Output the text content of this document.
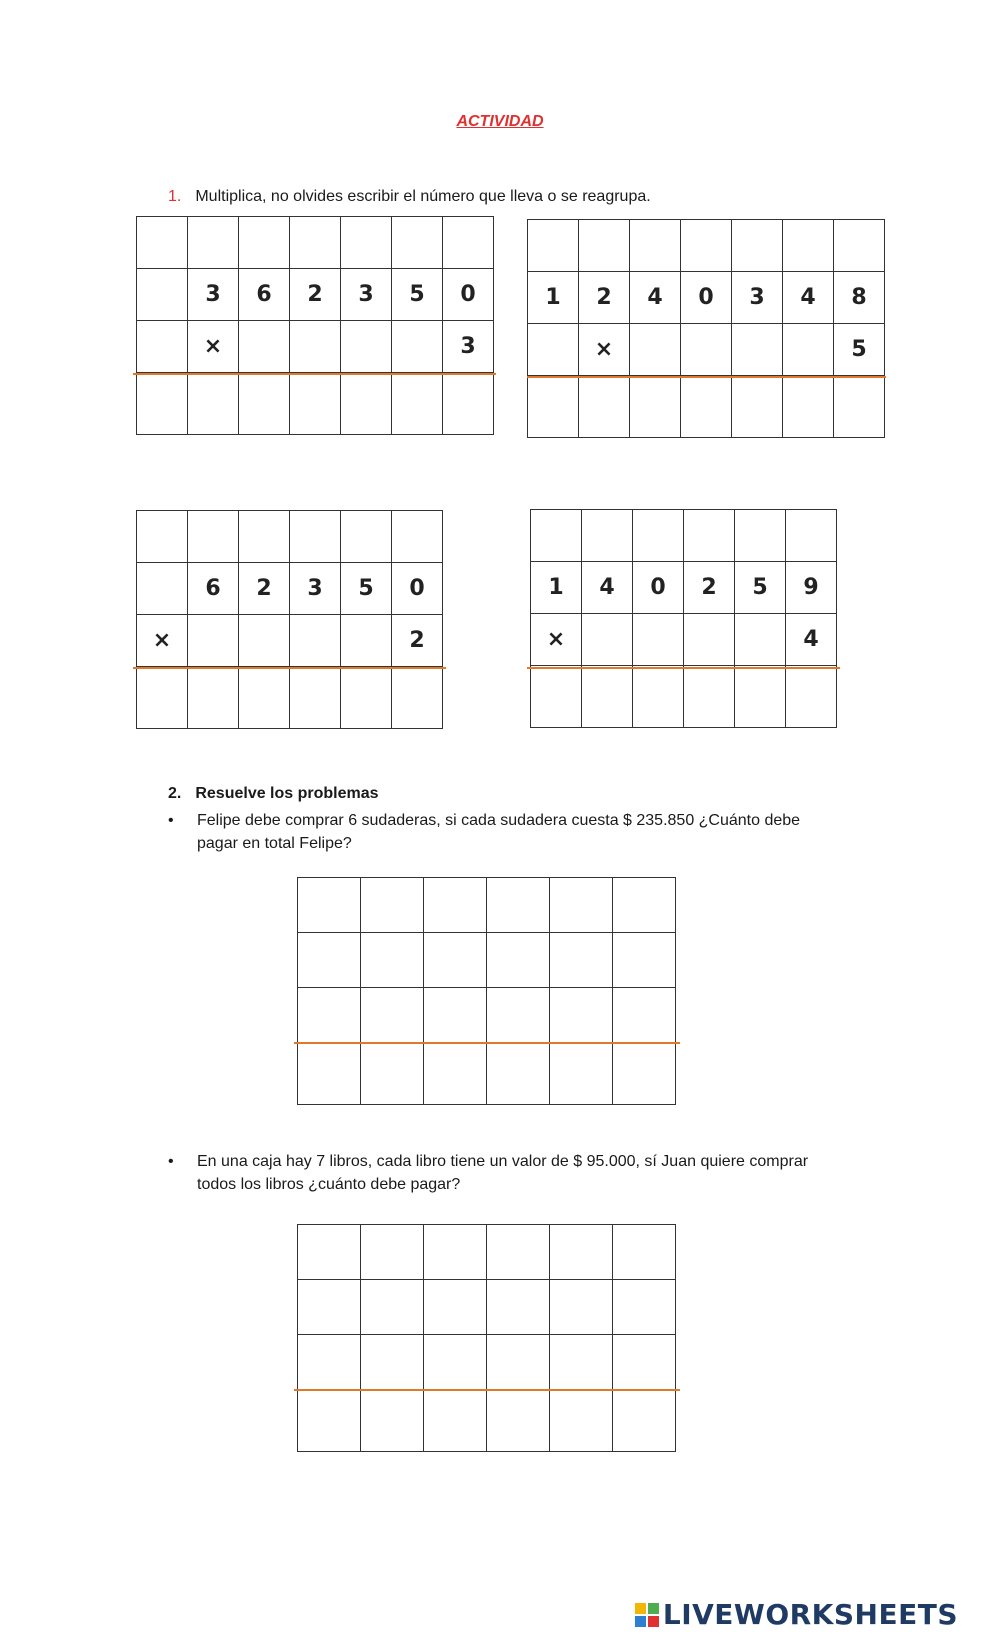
ACTIVIDAD
1. Multiplica, no olvides escribir el número que lleva o se reagrupa.

	3	6	2	3	5	0
	×					3

1	2	4	0	3	4	8
	×					5

	6	2	3	5	0
×					2

1	4	0	2	5	9
×					4

2. Resuelve los problemas
• Felipe debe comprar 6 sudaderas, si cada sudadera cuesta $ 235.850 ¿Cuánto debe pagar en total Felipe?

• En una caja hay 7 libros, cada libro tiene un valor de $ 95.000, sí Juan quiere comprar todos los libros ¿cuánto debe pagar?

LIVEWORKSHEETS
